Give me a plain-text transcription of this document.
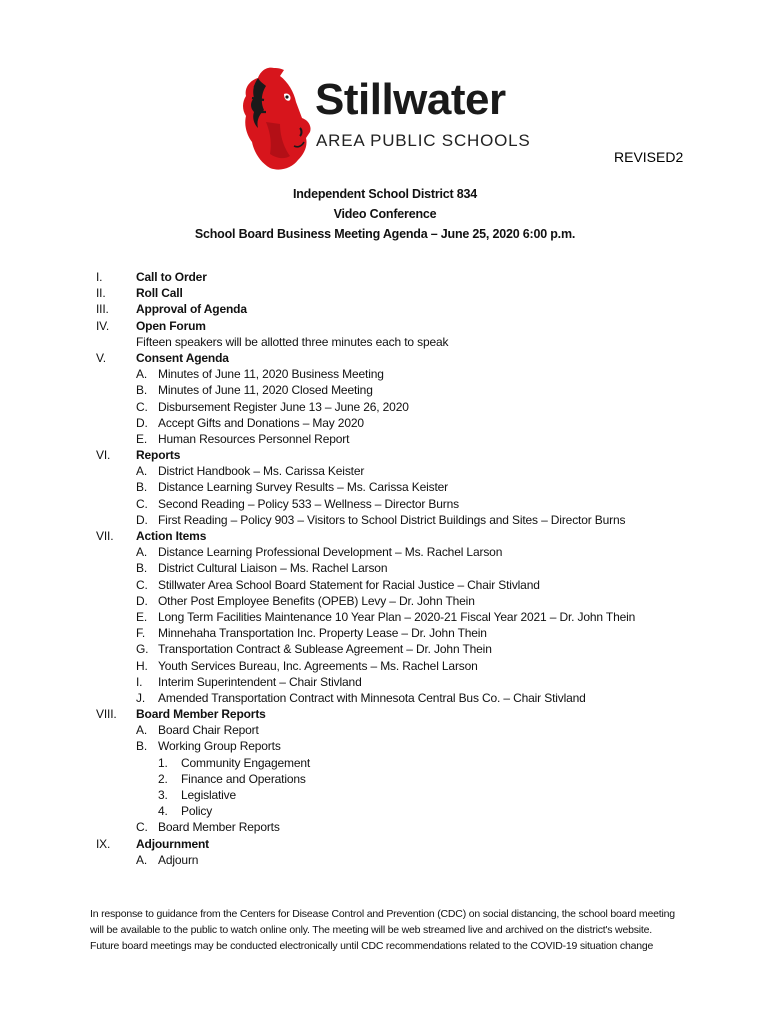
Stillwater
AREA PUBLIC SCHOOLS
REVISED2
Independent School District 834
Video Conference
School Board Business Meeting Agenda – June 25, 2020 6:00 p.m.
I.	Call to Order
II.	Roll Call
III.	Approval of Agenda
IV.	Open Forum
Fifteen speakers will be allotted three minutes each to speak
V.	Consent Agenda
A. Minutes of June 11, 2020 Business Meeting
B. Minutes of June 11, 2020 Closed Meeting
C. Disbursement Register June 13 – June 26, 2020
D. Accept Gifts and Donations – May 2020
E. Human Resources Personnel Report
VI.	Reports
A. District Handbook – Ms. Carissa Keister
B. Distance Learning Survey Results – Ms. Carissa Keister
C. Second Reading – Policy 533 – Wellness – Director Burns
D. First Reading – Policy 903 – Visitors to School District Buildings and Sites – Director Burns
VII.	Action Items
A. Distance Learning Professional Development – Ms. Rachel Larson
B. District Cultural Liaison – Ms. Rachel Larson
C. Stillwater Area School Board Statement for Racial Justice – Chair Stivland
D. Other Post Employee Benefits (OPEB) Levy – Dr. John Thein
E. Long Term Facilities Maintenance 10 Year Plan – 2020-21 Fiscal Year 2021 – Dr. John Thein
F.	Minnehaha Transportation Inc. Property Lease – Dr. John Thein
G. Transportation Contract & Sublease Agreement – Dr. John Thein
H. Youth Services Bureau, Inc. Agreements – Ms. Rachel Larson
I.	Interim Superintendent – Chair Stivland
J.	Amended Transportation Contract with Minnesota Central Bus Co. – Chair Stivland
VIII.	Board Member Reports
A. Board Chair Report
B. Working Group Reports
1.	Community Engagement
2.	Finance and Operations
3.	Legislative
4.	Policy
C. Board Member Reports
IX.	Adjournment
A. Adjourn
In response to guidance from the Centers for Disease Control and Prevention (CDC) on social distancing, the school board meeting will be available to the public to watch online only. The meeting will be web streamed live and archived on the district's website. Future board meetings may be conducted electronically until CDC recommendations related to the COVID-19 situation change
